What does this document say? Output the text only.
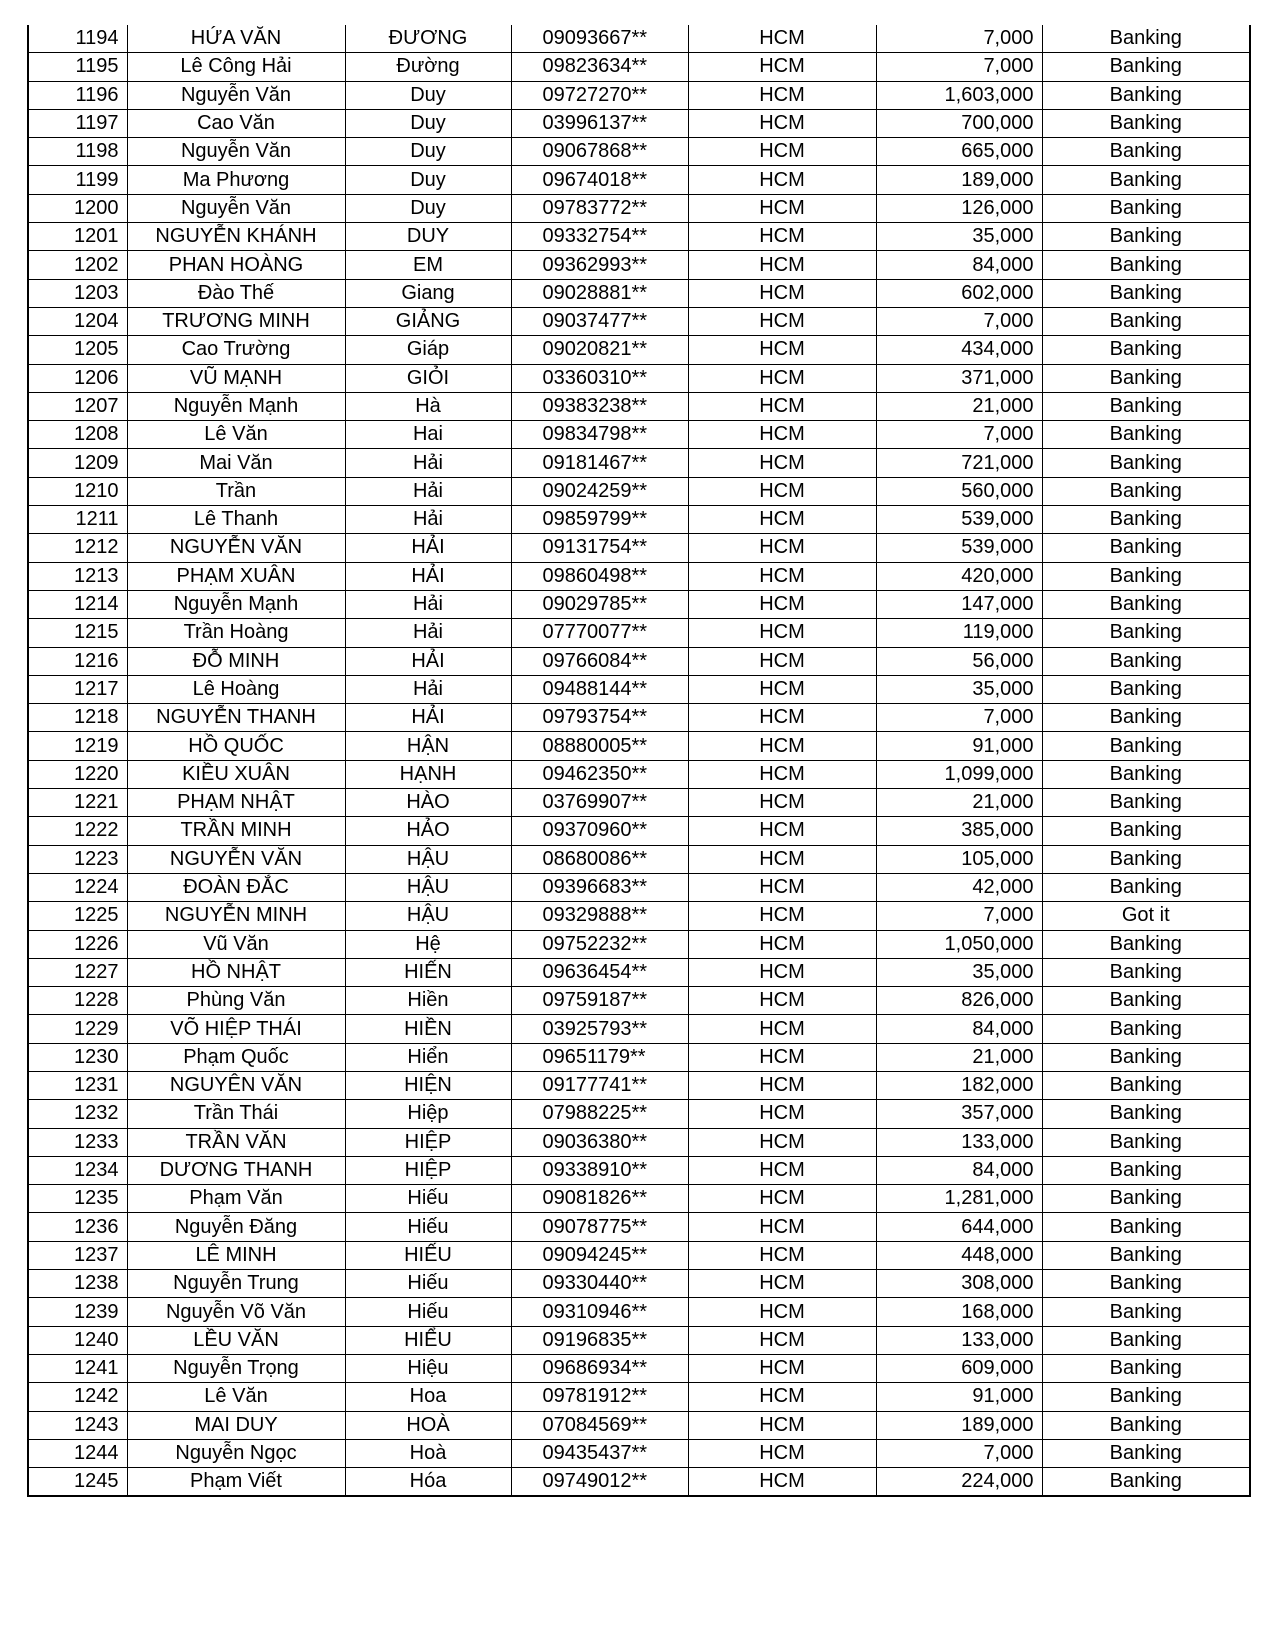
1194	HỨA VĂN	ĐƯƠNG	09093667**	HCM	7,000	Banking
1195	Lê Công Hải	Đường	09823634**	HCM	7,000	Banking
1196	Nguyễn Văn	Duy	09727270**	HCM	1,603,000	Banking
1197	Cao Văn	Duy	03996137**	HCM	700,000	Banking
1198	Nguyễn Văn	Duy	09067868**	HCM	665,000	Banking
1199	Ma Phương	Duy	09674018**	HCM	189,000	Banking
1200	Nguyễn Văn	Duy	09783772**	HCM	126,000	Banking
1201	NGUYỄN KHÁNH	DUY	09332754**	HCM	35,000	Banking
1202	PHAN HOÀNG	EM	09362993**	HCM	84,000	Banking
1203	Đào Thế	Giang	09028881**	HCM	602,000	Banking
1204	TRƯƠNG MINH	GIẢNG	09037477**	HCM	7,000	Banking
1205	Cao Trường	Giáp	09020821**	HCM	434,000	Banking
1206	VŨ MẠNH	GIỎI	03360310**	HCM	371,000	Banking
1207	Nguyễn Mạnh	Hà	09383238**	HCM	21,000	Banking
1208	Lê Văn	Hai	09834798**	HCM	7,000	Banking
1209	Mai Văn	Hải	09181467**	HCM	721,000	Banking
1210	Trần	Hải	09024259**	HCM	560,000	Banking
1211	Lê Thanh	Hải	09859799**	HCM	539,000	Banking
1212	NGUYỄN VĂN	HẢI	09131754**	HCM	539,000	Banking
1213	PHẠM XUÂN	HẢI	09860498**	HCM	420,000	Banking
1214	Nguyễn Mạnh	Hải	09029785**	HCM	147,000	Banking
1215	Trần Hoàng	Hải	07770077**	HCM	119,000	Banking
1216	ĐỖ MINH	HẢI	09766084**	HCM	56,000	Banking
1217	Lê Hoàng	Hải	09488144**	HCM	35,000	Banking
1218	NGUYỄN THANH	HẢI	09793754**	HCM	7,000	Banking
1219	HỒ QUỐC	HẬN	08880005**	HCM	91,000	Banking
1220	KIỀU XUÂN	HẠNH	09462350**	HCM	1,099,000	Banking
1221	PHẠM NHẬT	HÀO	03769907**	HCM	21,000	Banking
1222	TRẦN MINH	HẢO	09370960**	HCM	385,000	Banking
1223	NGUYỄN VĂN	HẬU	08680086**	HCM	105,000	Banking
1224	ĐOÀN ĐẮC	HẬU	09396683**	HCM	42,000	Banking
1225	NGUYỄN MINH	HẬU	09329888**	HCM	7,000	Got it
1226	Vũ Văn	Hệ	09752232**	HCM	1,050,000	Banking
1227	HỒ NHẬT	HIẾN	09636454**	HCM	35,000	Banking
1228	Phùng Văn	Hiền	09759187**	HCM	826,000	Banking
1229	VÕ HIỆP THÁI	HIỀN	03925793**	HCM	84,000	Banking
1230	Phạm Quốc	Hiển	09651179**	HCM	21,000	Banking
1231	NGUYÊN VĂN	HIỆN	09177741**	HCM	182,000	Banking
1232	Trần Thái	Hiệp	07988225**	HCM	357,000	Banking
1233	TRẦN VĂN	HIỆP	09036380**	HCM	133,000	Banking
1234	DƯƠNG THANH	HIỆP	09338910**	HCM	84,000	Banking
1235	Phạm Văn	Hiếu	09081826**	HCM	1,281,000	Banking
1236	Nguyễn Đăng	Hiếu	09078775**	HCM	644,000	Banking
1237	LÊ MINH	HIẾU	09094245**	HCM	448,000	Banking
1238	Nguyễn Trung	Hiếu	09330440**	HCM	308,000	Banking
1239	Nguyễn Võ Văn	Hiếu	09310946**	HCM	168,000	Banking
1240	LỀU VĂN	HIỂU	09196835**	HCM	133,000	Banking
1241	Nguyễn Trọng	Hiệu	09686934**	HCM	609,000	Banking
1242	Lê Văn	Hoa	09781912**	HCM	91,000	Banking
1243	MAI DUY	HOÀ	07084569**	HCM	189,000	Banking
1244	Nguyễn Ngọc	Hoà	09435437**	HCM	7,000	Banking
1245	Phạm Viết	Hóa	09749012**	HCM	224,000	Banking
